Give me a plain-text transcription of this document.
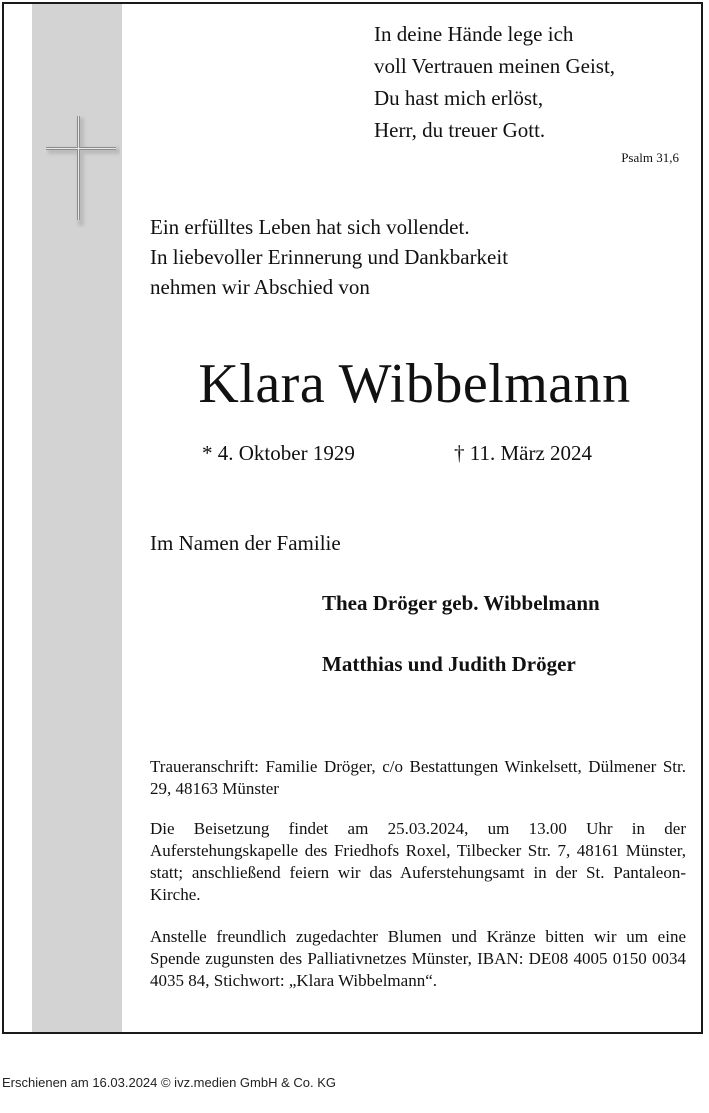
In deine Hände lege ich
voll Vertrauen meinen Geist,
Du hast mich erlöst,
Herr, du treuer Gott.
Psalm 31,6
Ein erfülltes Leben hat sich vollendet.
In liebevoller Erinnerung und Dankbarkeit
nehmen wir Abschied von
Klara Wibbelmann
* 4. Oktober 1929	† 11. März 2024
Im Namen der Familie
Thea Dröger geb. Wibbelmann
Matthias und Judith Dröger

Traueranschrift: Familie Dröger, c/o Bestattungen Winkelsett, Dülmener Str. 29, 48163 Münster

Die Beisetzung findet am 25.03.2024, um 13.00 Uhr in der Auferstehungskapelle des Friedhofs Roxel, Tilbecker Str. 7, 48161 Münster, statt; anschließend feiern wir das Auferstehungsamt in der St. Pantaleon-Kirche.

Anstelle freundlich zugedachter Blumen und Kränze bitten wir um eine Spende zugunsten des Palliativnetzes Münster, IBAN: DE08 4005 0150 0034 4035 84, Stichwort: „Klara Wibbelmann“.

Erschienen am 16.03.2024 © ivz.medien GmbH & Co. KG
